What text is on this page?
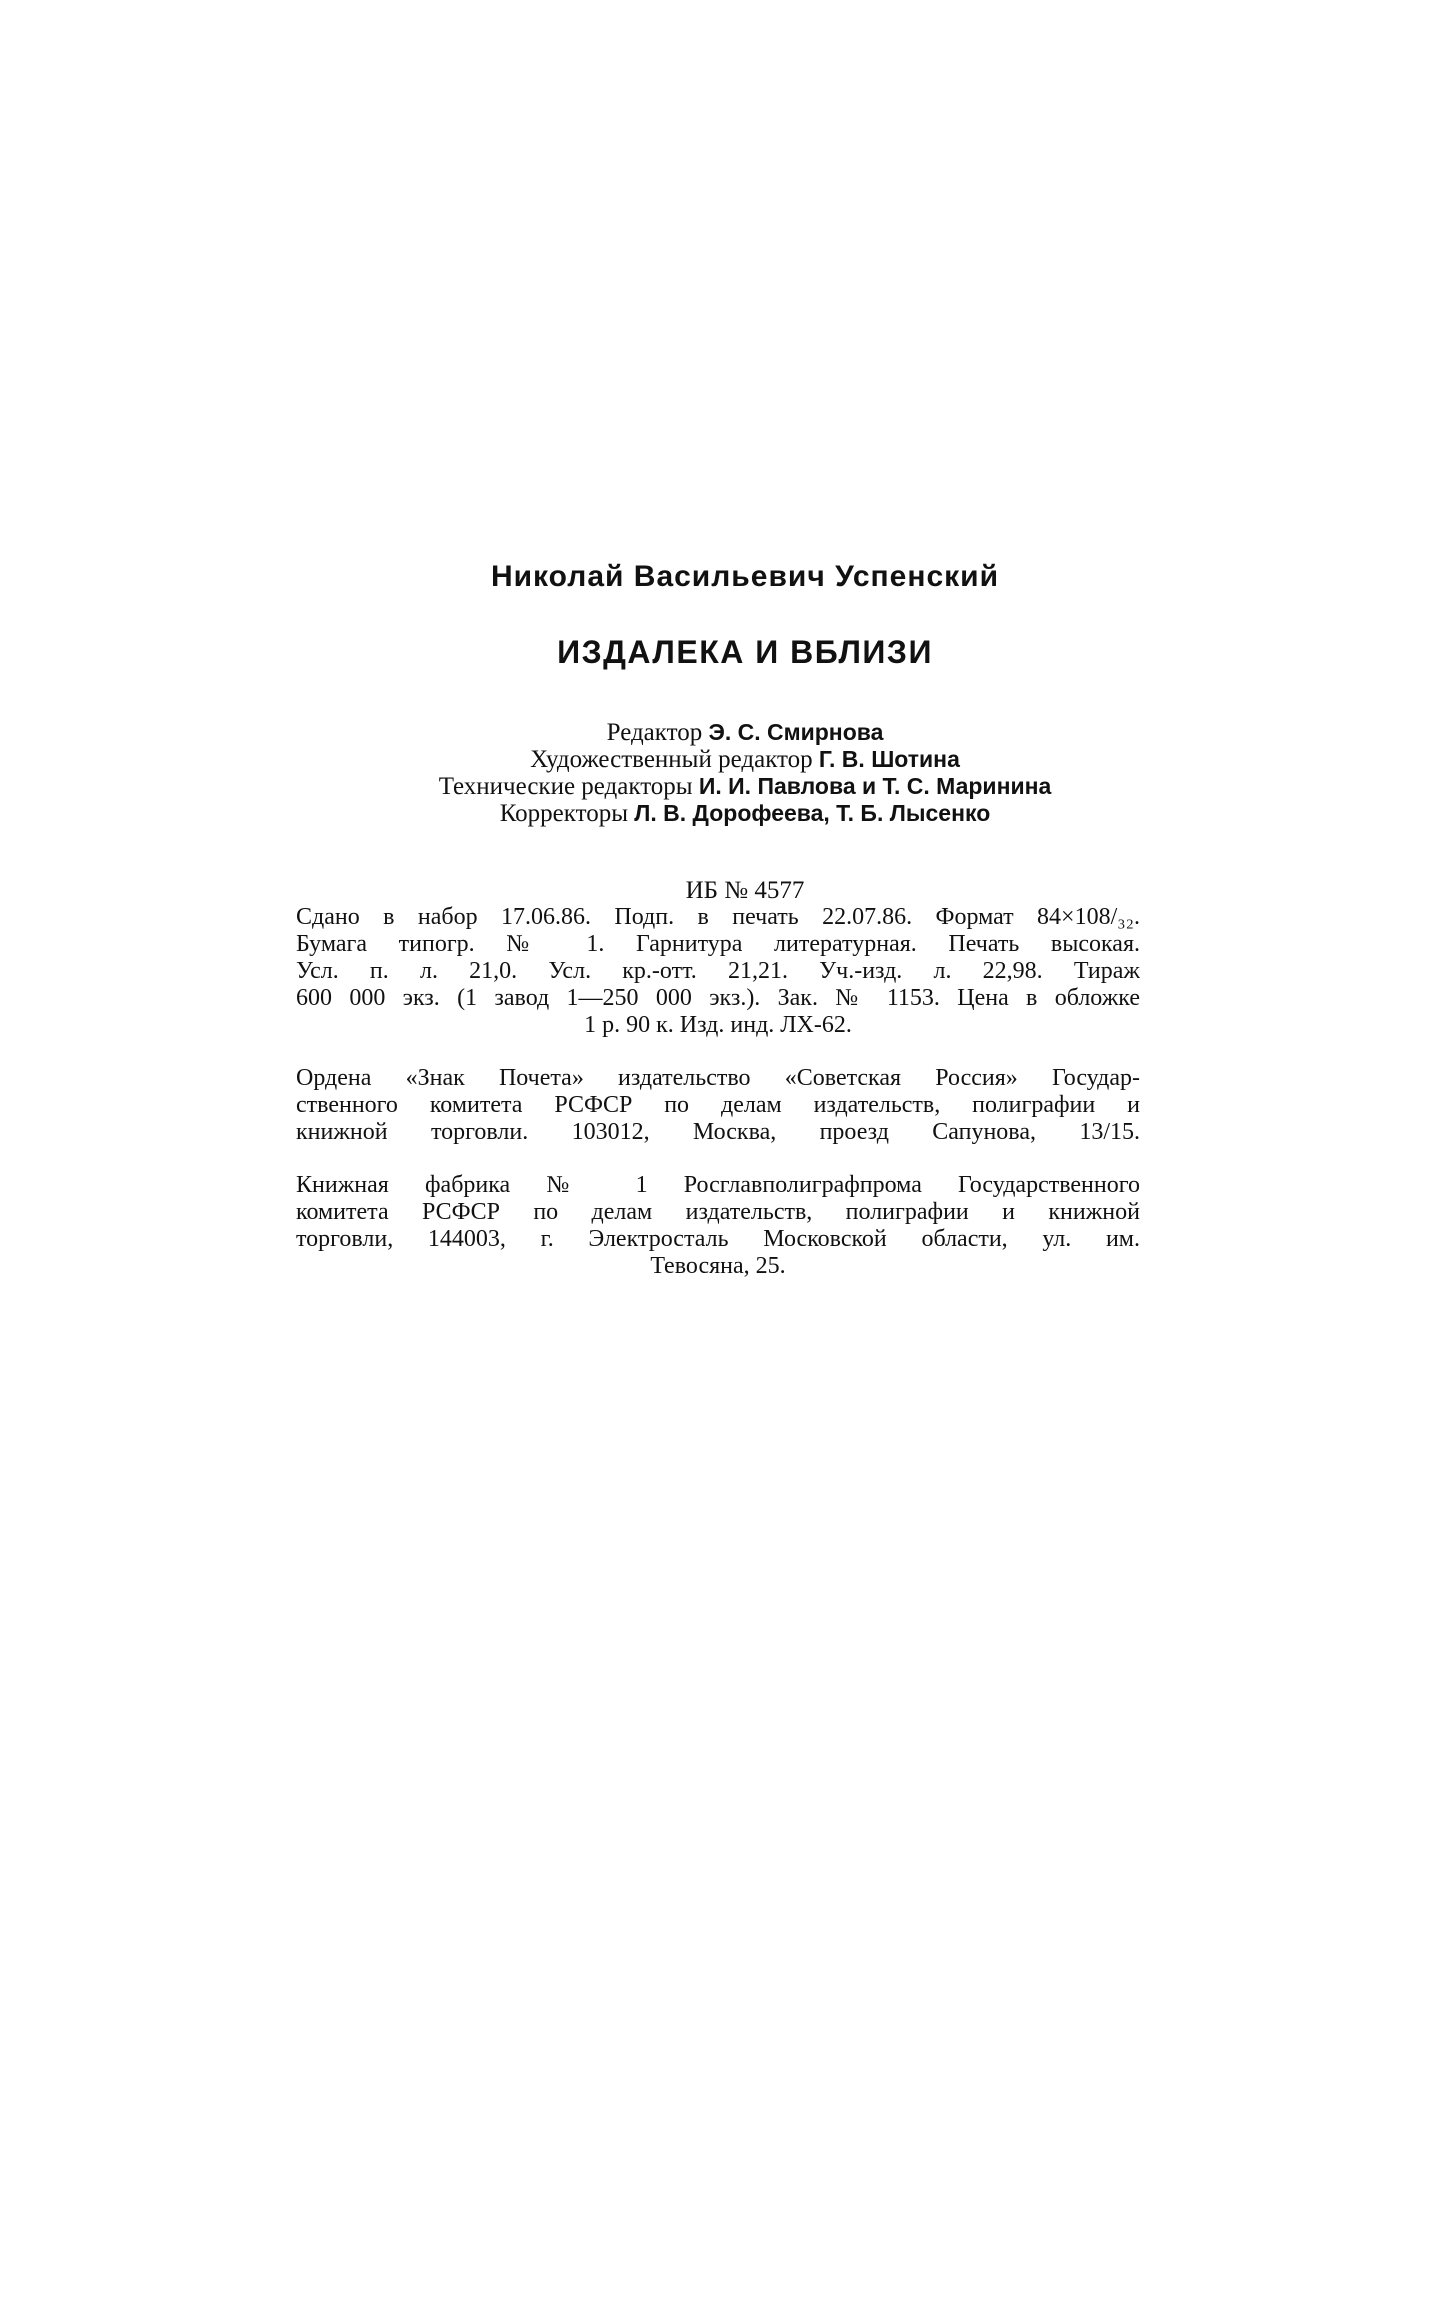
Николай Васильевич Успенский
ИЗДАЛЕКА И ВБЛИЗИ
Редактор Э. С. Смирнова
Художественный редактор Г. В. Шотина
Технические редакторы И. И. Павлова и Т. С. Маринина
Корректоры Л. В. Дорофеева, Т. Б. Лысенко
ИБ № 4577
Сдано в набор 17.06.86. Подп. в печать 22.07.86. Формат 84×108/₃₂.
Бумага типогр. № 1. Гарнитура литературная. Печать высокая.
Усл. п. л. 21,0. Усл. кр.-отт. 21,21. Уч.-изд. л. 22,98. Тираж
600 000 экз. (1 завод 1—250 000 экз.). Зак. № 1153. Цена в обложке
1 р. 90 к. Изд. инд. ЛХ-62.
Ордена «Знак Почета» издательство «Советская Россия» Государ-
ственного комитета РСФСР по делам издательств, полиграфии и
книжной торговли. 103012, Москва, проезд Сапунова, 13/15.
Книжная фабрика № 1 Росглавполиграфпрома Государственного
комитета РСФСР по делам издательств, полиграфии и книжной
торговли, 144003, г. Электросталь Московской области, ул. им.
Тевосяна, 25.
